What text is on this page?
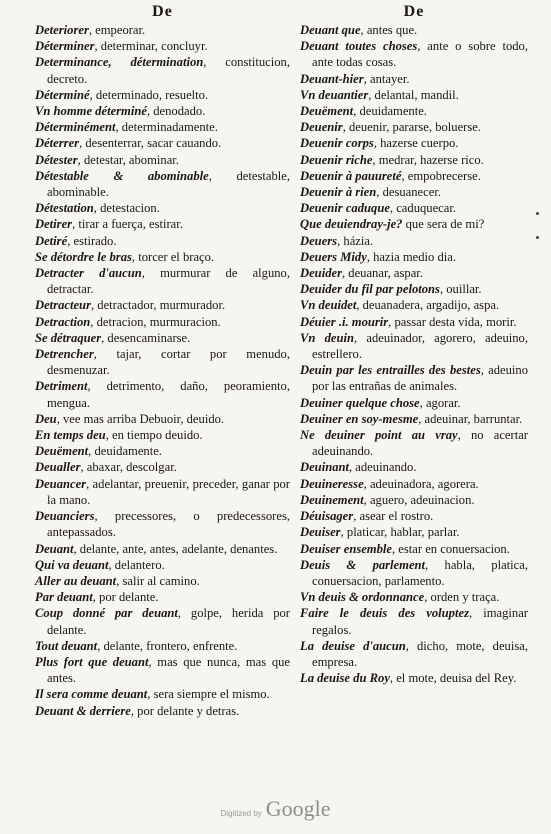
De
Deteriorer, empeorar.
Déterminer, determinar, concluyr.
Determinance, détermination, constitucion, decreto.
Déterminé, determinado, resuelto.
Vn homme déterminé, denodado.
Déterminément, determinadamente.
Déterrer, desenterrar, sacar cauando.
Détester, detestar, abominar.
Détestable & abominable, detestable, abominable.
Détestation, detestacion.
Detirer, tirar a fuerça, estirar.
Detiré, estirado.
Se détordre le bras, torcer el braço.
Detracter d'aucun, murmurar de alguno, detractar.
Detracteur, detractador, murmurador.
Detraction, detracion, murmuracion.
Se détraquer, desencaminarse.
Detrencher, tajar, cortar por menudo, desmenuzar.
Detriment, detrimento, daño, peoramiento, mengua.
Deu, vee mas arriba Debuoir, deuido.
En temps deu, en tiempo deuido.
Deuëment, deuidamente.
Deualler, abaxar, descolgar.
Deuancer, adelantar, preuenir, preceder, ganar por la mano.
Deuanciers, precessores, o predecessores, antepassados.
Deuant, delante, ante, antes, adelante, denantes.
Qui va deuant, delantero.
Aller au deuant, salir al camino.
Par deuant, por delante.
Coup donné par deuant, golpe, herida por delante.
Tout deuant, delante, frontero, enfrente.
Plus fort que deuant, mas que nunca, mas que antes.
Il sera comme deuant, sera siempre el mismo.
Deuant & derriere, por delante y detras.
De
Deuant que, antes que.
Deuant toutes choses, ante o sobre todo, ante todas cosas.
Deuant-hier, antayer.
Vn deuantier, delantal, mandil.
Deuëment, deuidamente.
Deuenir, deuenir, pararse, boluerse.
Deuenir corps, hazerse cuerpo.
Deuenir riche, medrar, hazerse rico.
Deuenir à pauureté, empobrecerse.
Deuenir à rien, desuanecer.
Deuenir caduque, caduquecar.
Que deuiendray-je? que sera de mi?
Deuers, házia.
Deuers Midy, hazia medio dia.
Deuider, deuanar, aspar.
Deuider du fil par pelotons, ouillar.
Vn deuidet, deuanadera, argadijo, aspa.
Déuier .i. mourir, passar desta vida, morir.
Vn deuin, adeuinador, agorero, adeuino, estrellero.
Deuin par les entrailles des bestes, adeuino por las entrañas de animales.
Deuiner quelque chose, agorar.
Deuiner en soy-mesme, adeuinar, barruntar.
Ne deuiner point au vray, no acertar adeuinando.
Deuinant, adeuinando.
Deuineresse, adeuinadora, agorera.
Deuinement, aguero, adeuinacion.
Déuisager, asear el rostro.
Deuiser, platicar, hablar, parlar.
Deuiser ensemble, estar en conuersacion.
Deuis & parlement, habla, platica, conuersacion, parlamento.
Vn deuis & ordonnance, orden y traça.
Faire le deuis des voluptez, imaginar regalos.
La deuise d'aucun, dicho, mote, deuisa, empresa.
La deuise du Roy, el mote, deuisa del Rey.
Digitized by Google
